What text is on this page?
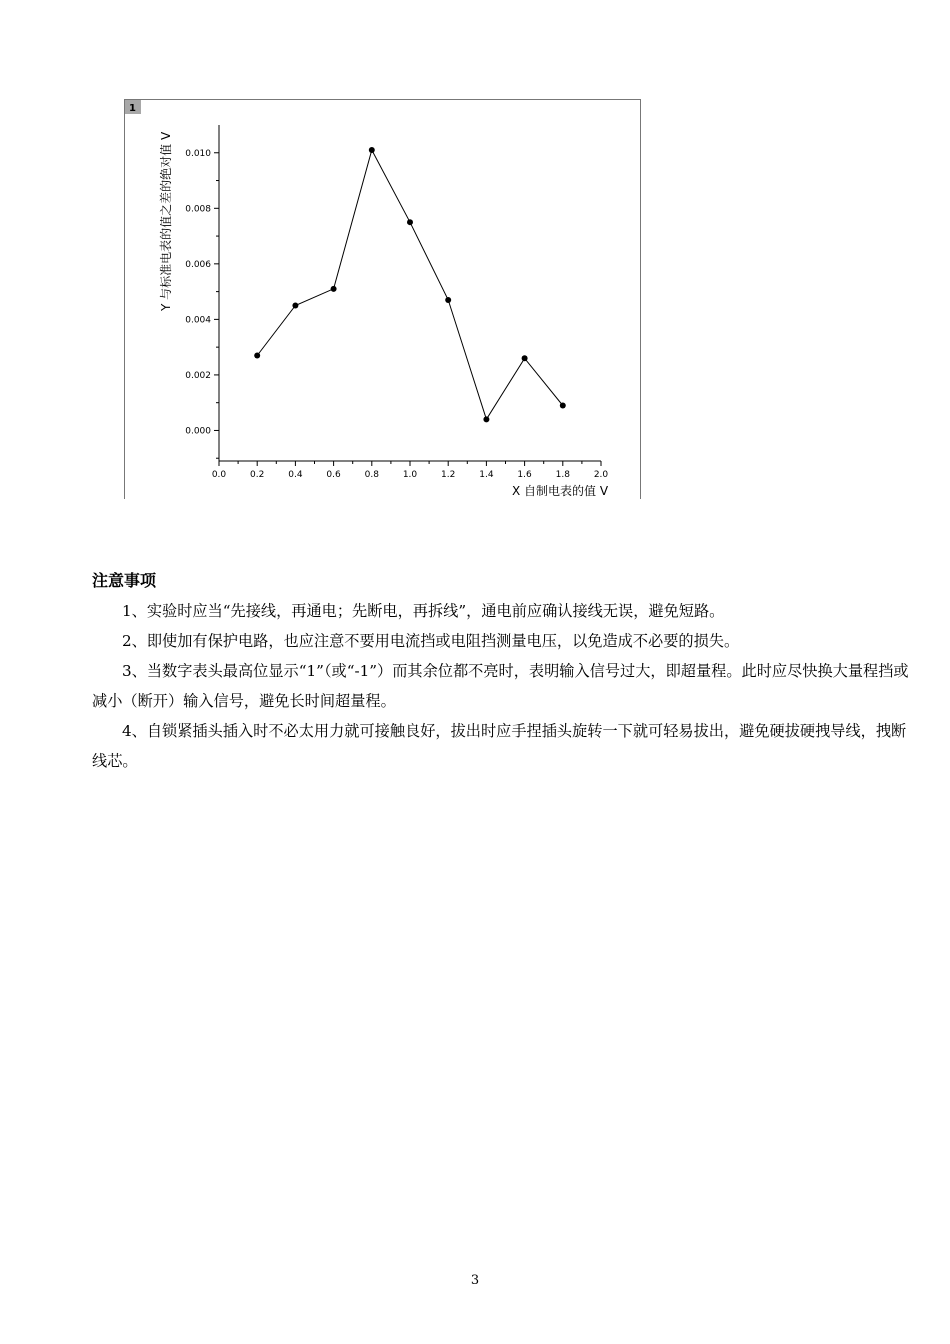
1
0.0	0.2	0.4	0.6	0.8	1.0	1.2	1.4	1.6	1.8	2.0
0.000
0.002
0.004
0.006
0.008
0.010
X 自制电表的值 V
Y 与标准电表的值之差的绝对值 V
注意事项

1、实验时应当“先接线，再通电；先断电，再拆线”，通电前应确认接线无误，避免短路。

2、即使加有保护电路，也应注意不要用电流挡或电阻挡测量电压，以免造成不必要的损失。

3、当数字表头最高位显示“1”（或“-1”）而其余位都不亮时，表明输入信号过大，即超量程。此时应尽快换大量程挡或减小（断开）输入信号，避免长时间超量程。

4、自锁紧插头插入时不必太用力就可接触良好，拔出时应手捏插头旋转一下就可轻易拔出，避免硬拔硬拽导线，拽断线芯。

3
